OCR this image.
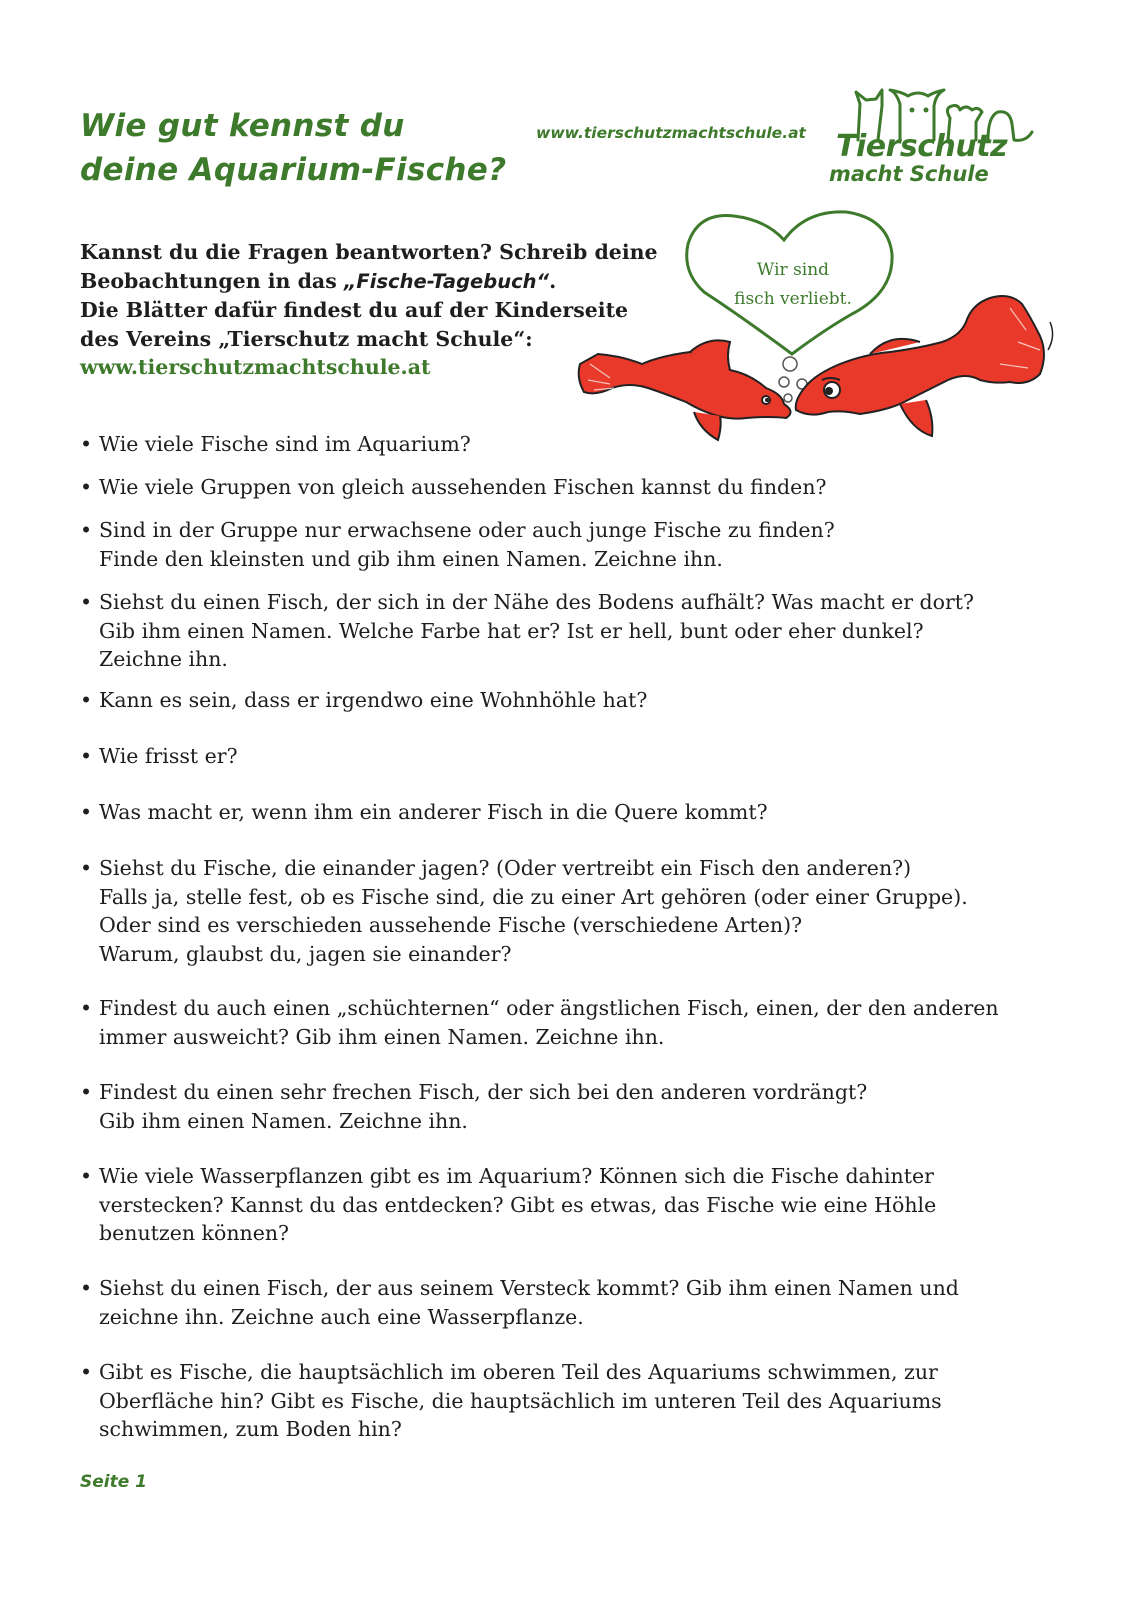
Wie gut kennst du
deine Aquarium-Fische?
www.tierschutzmachtschule.at Tierschutz
macht Schule

Kannst du die Fragen beantworten? Schreib deine

Beobachtungen in das „Fische-Tagebuch“.

Die Blätter dafür findest du auf der Kinderseite

des Vereins „Tierschutz macht Schule“:

www.tierschutzmachtschule.at

Wir sind
fisch verliebt.
• Wie viele Fische sind im Aquarium?
• Wie viele Gruppen von gleich aussehenden Fischen kannst du finden?
• Sind in der Gruppe nur erwachsene oder auch junge Fische zu finden?
Finde den kleinsten und gib ihm einen Namen. Zeichne ihn.
• Siehst du einen Fisch, der sich in der Nähe des Bodens aufhält? Was macht er dort?
Gib ihm einen Namen. Welche Farbe hat er? Ist er hell, bunt oder eher dunkel?
Zeichne ihn.
• Kann es sein, dass er irgendwo eine Wohnhöhle hat?
• Wie frisst er?
• Was macht er, wenn ihm ein anderer Fisch in die Quere kommt?
• Siehst du Fische, die einander jagen? (Oder vertreibt ein Fisch den anderen?)
Falls ja, stelle fest, ob es Fische sind, die zu einer Art gehören (oder einer Gruppe).
Oder sind es verschieden aussehende Fische (verschiedene Arten)?
Warum, glaubst du, jagen sie einander?
• Findest du auch einen „schüchternen“ oder ängstlichen Fisch, einen, der den anderen
immer ausweicht? Gib ihm einen Namen. Zeichne ihn.
• Findest du einen sehr frechen Fisch, der sich bei den anderen vordrängt?
Gib ihm einen Namen. Zeichne ihn.
• Wie viele Wasserpflanzen gibt es im Aquarium? Können sich die Fische dahinter
verstecken? Kannst du das entdecken? Gibt es etwas, das Fische wie eine Höhle
benutzen können?
• Siehst du einen Fisch, der aus seinem Versteck kommt? Gib ihm einen Namen und
zeichne ihn. Zeichne auch eine Wasserpflanze.
• Gibt es Fische, die hauptsächlich im oberen Teil des Aquariums schwimmen, zur
Oberfläche hin? Gibt es Fische, die hauptsächlich im unteren Teil des Aquariums
schwimmen, zum Boden hin?
Seite 1
